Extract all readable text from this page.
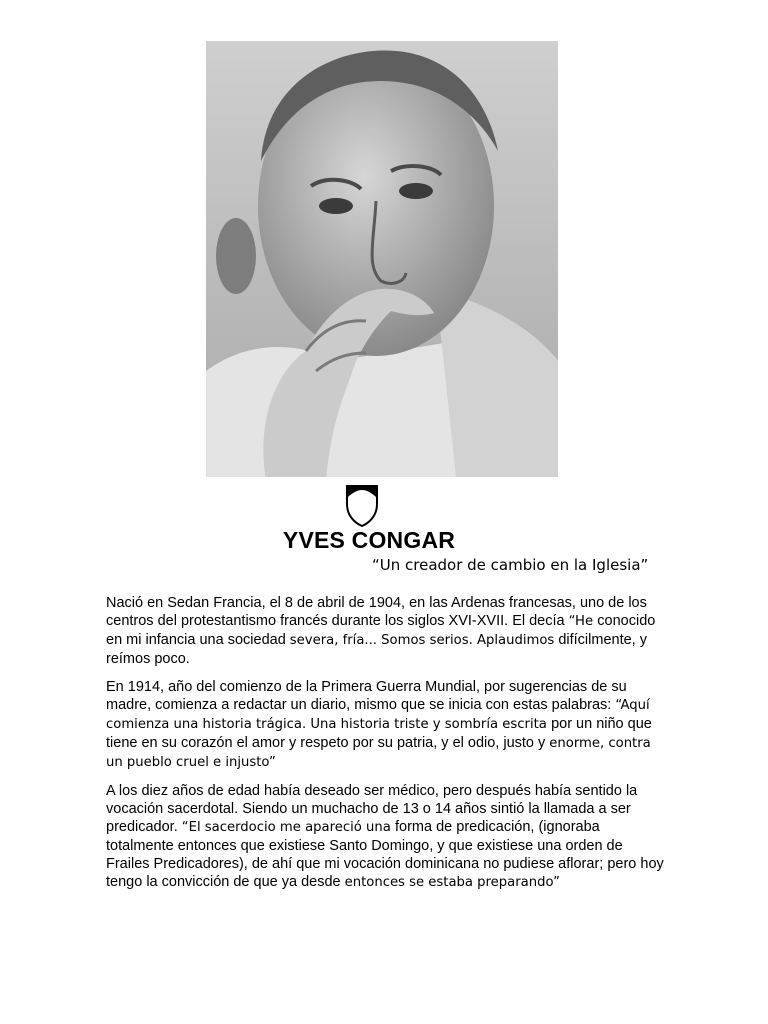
YVES CONGAR
“Un creador de cambio en la Iglesia”

Nació en Sedan Francia, el 8 de abril de 1904, en las Ardenas francesas, uno de los centros del protestantismo francés durante los siglos XVI-XVII. El decía “He conocido en mi infancia una sociedad severa, fría... Somos serios. Aplaudimos difícilmente, y reímos poco.

En 1914, año del comienzo de la Primera Guerra Mundial, por sugerencias de su madre, comienza a redactar un diario, mismo que se inicia con estas palabras: “Aquí comienza una historia trágica. Una historia triste y sombría escrita por un niño que tiene en su corazón el amor y respeto por su patria, y el odio, justo y enorme, contra un pueblo cruel e injusto”

A los diez años de edad había deseado ser médico, pero después había sentido la vocación sacerdotal. Siendo un muchacho de 13 o 14 años sintió la llamada a ser predicador. “El sacerdocio me apareció una forma de predicación, (ignoraba totalmente entonces que existiese Santo Domingo, y que existiese una orden de Frailes Predicadores), de ahí que mi vocación dominicana no pudiese aflorar; pero hoy tengo la convicción de que ya desde entonces se estaba preparando”
